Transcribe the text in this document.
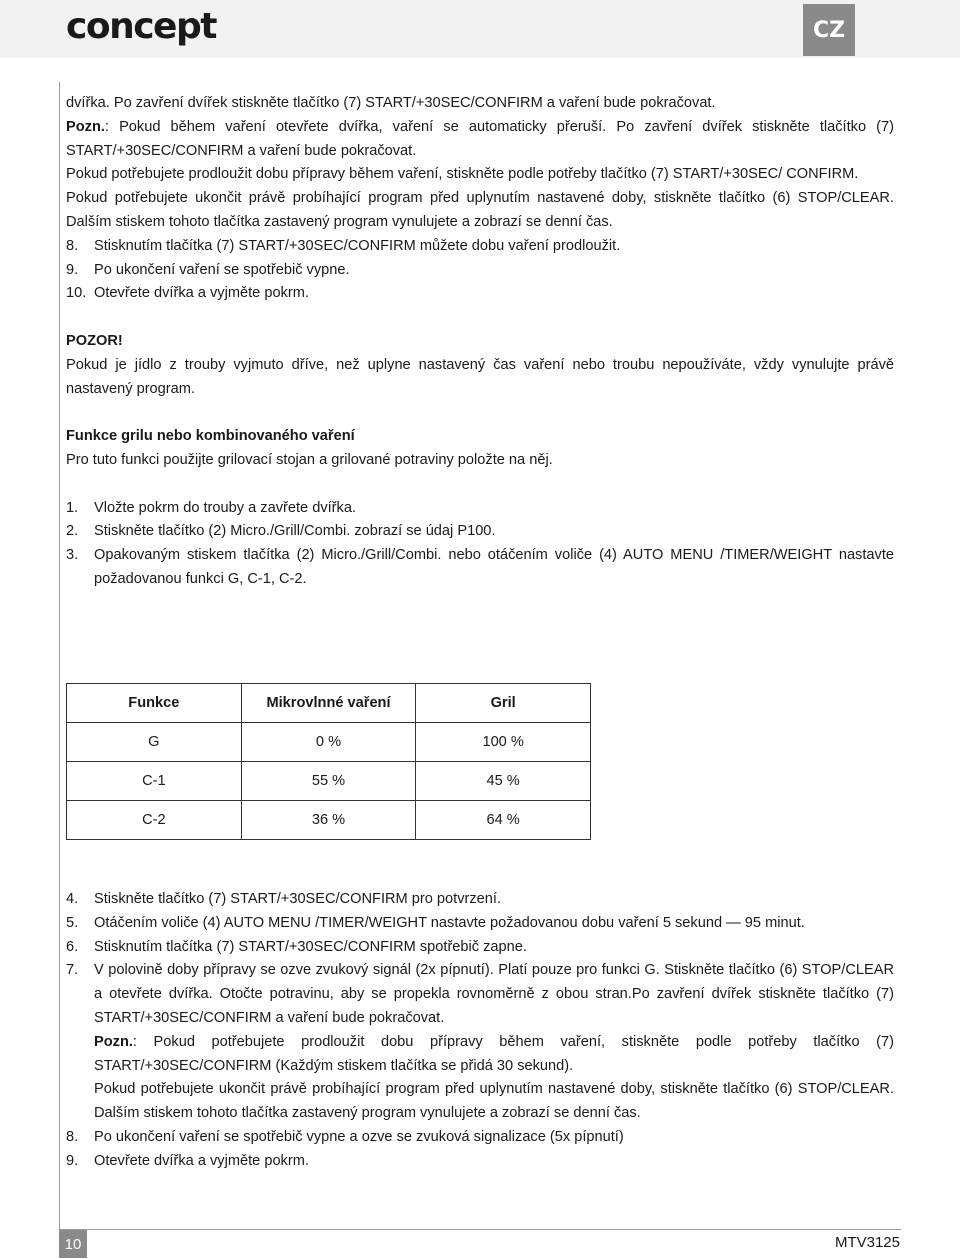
concept	CZ

dvířka. Po zavření dvířek stiskněte tlačítko (7) START/+30SEC/CONFIRM a vaření bude pokračovat.

Pozn.: Pokud během vaření otevřete dvířka, vaření se automaticky přeruší. Po zavření dvířek stiskněte tlačítko (7) START/+30SEC/CONFIRM a vaření bude pokračovat.

Pokud potřebujete prodloužit dobu přípravy během vaření, stiskněte podle potřeby tlačítko (7) START/+30SEC/ CONFIRM.

Pokud potřebujete ukončit právě probíhající program před uplynutím nastavené doby, stiskněte tlačítko (6) STOP/CLEAR. Dalším stiskem tohoto tlačítka zastavený program vynulujete a zobrazí se denní čas.

8.	Stisknutím tlačítka (7) START/+30SEC/CONFIRM můžete dobu vaření prodloužit.
9.	Po ukončení vaření se spotřebič vypne.
10. Otevřete dvířka a vyjměte pokrm.

POZOR!

Pokud je jídlo z trouby vyjmuto dříve, než uplyne nastavený čas vaření nebo troubu nepoužíváte, vždy vynulujte právě nastavený program.

Funkce grilu nebo kombinovaného vaření

Pro tuto funkci použijte grilovací stojan a grilované potraviny položte na něj.

1.	Vložte pokrm do trouby a zavřete dvířka.
2.	Stiskněte tlačítko (2) Micro./Grill/Combi. zobrazí se údaj P100.
3.	Opakovaným stiskem tlačítka (2) Micro./Grill/Combi. nebo otáčením voliče (4) AUTO MENU /TIMER/WEIGHT nastavte požadovanou funkci G, C-1, C-2.
Funkce	Mikrovlnné vaření	Gril
G	0 %	100 %
C-1	55 %	45 %
C-2	36 %	64 %
4.	Stiskněte tlačítko (7) START/+30SEC/CONFIRM pro potvrzení.
5.	Otáčením voliče (4) AUTO MENU /TIMER/WEIGHT nastavte požadovanou dobu vaření 5 sekund — 95 minut.
6.	Stisknutím tlačítka (7) START/+30SEC/CONFIRM spotřebič zapne.
7.	V polovině doby přípravy se ozve zvukový signál (2x pípnutí). Platí pouze pro funkci G. Stiskněte tlačítko (6) STOP/CLEAR a otevřete dvířka. Otočte potravinu, aby se propekla rovnoměrně z obou stran.Po zavření dvířek stiskněte tlačítko (7) START/+30SEC/CONFIRM a vaření bude pokračovat.

Pozn.: Pokud potřebujete prodloužit dobu přípravy během vaření, stiskněte podle potřeby tlačítko (7) START/+30SEC/CONFIRM (Každým stiskem tlačítka se přidá 30 sekund).

Pokud potřebujete ukončit právě probíhající program před uplynutím nastavené doby, stiskněte tlačítko (6) STOP/CLEAR. Dalším stiskem tohoto tlačítka zastavený program vynulujete a zobrazí se denní čas.

8.	Po ukončení vaření se spotřebič vypne a ozve se zvuková signalizace (5x pípnutí)
9.	Otevřete dvířka a vyjměte pokrm.
10	MTV3125
